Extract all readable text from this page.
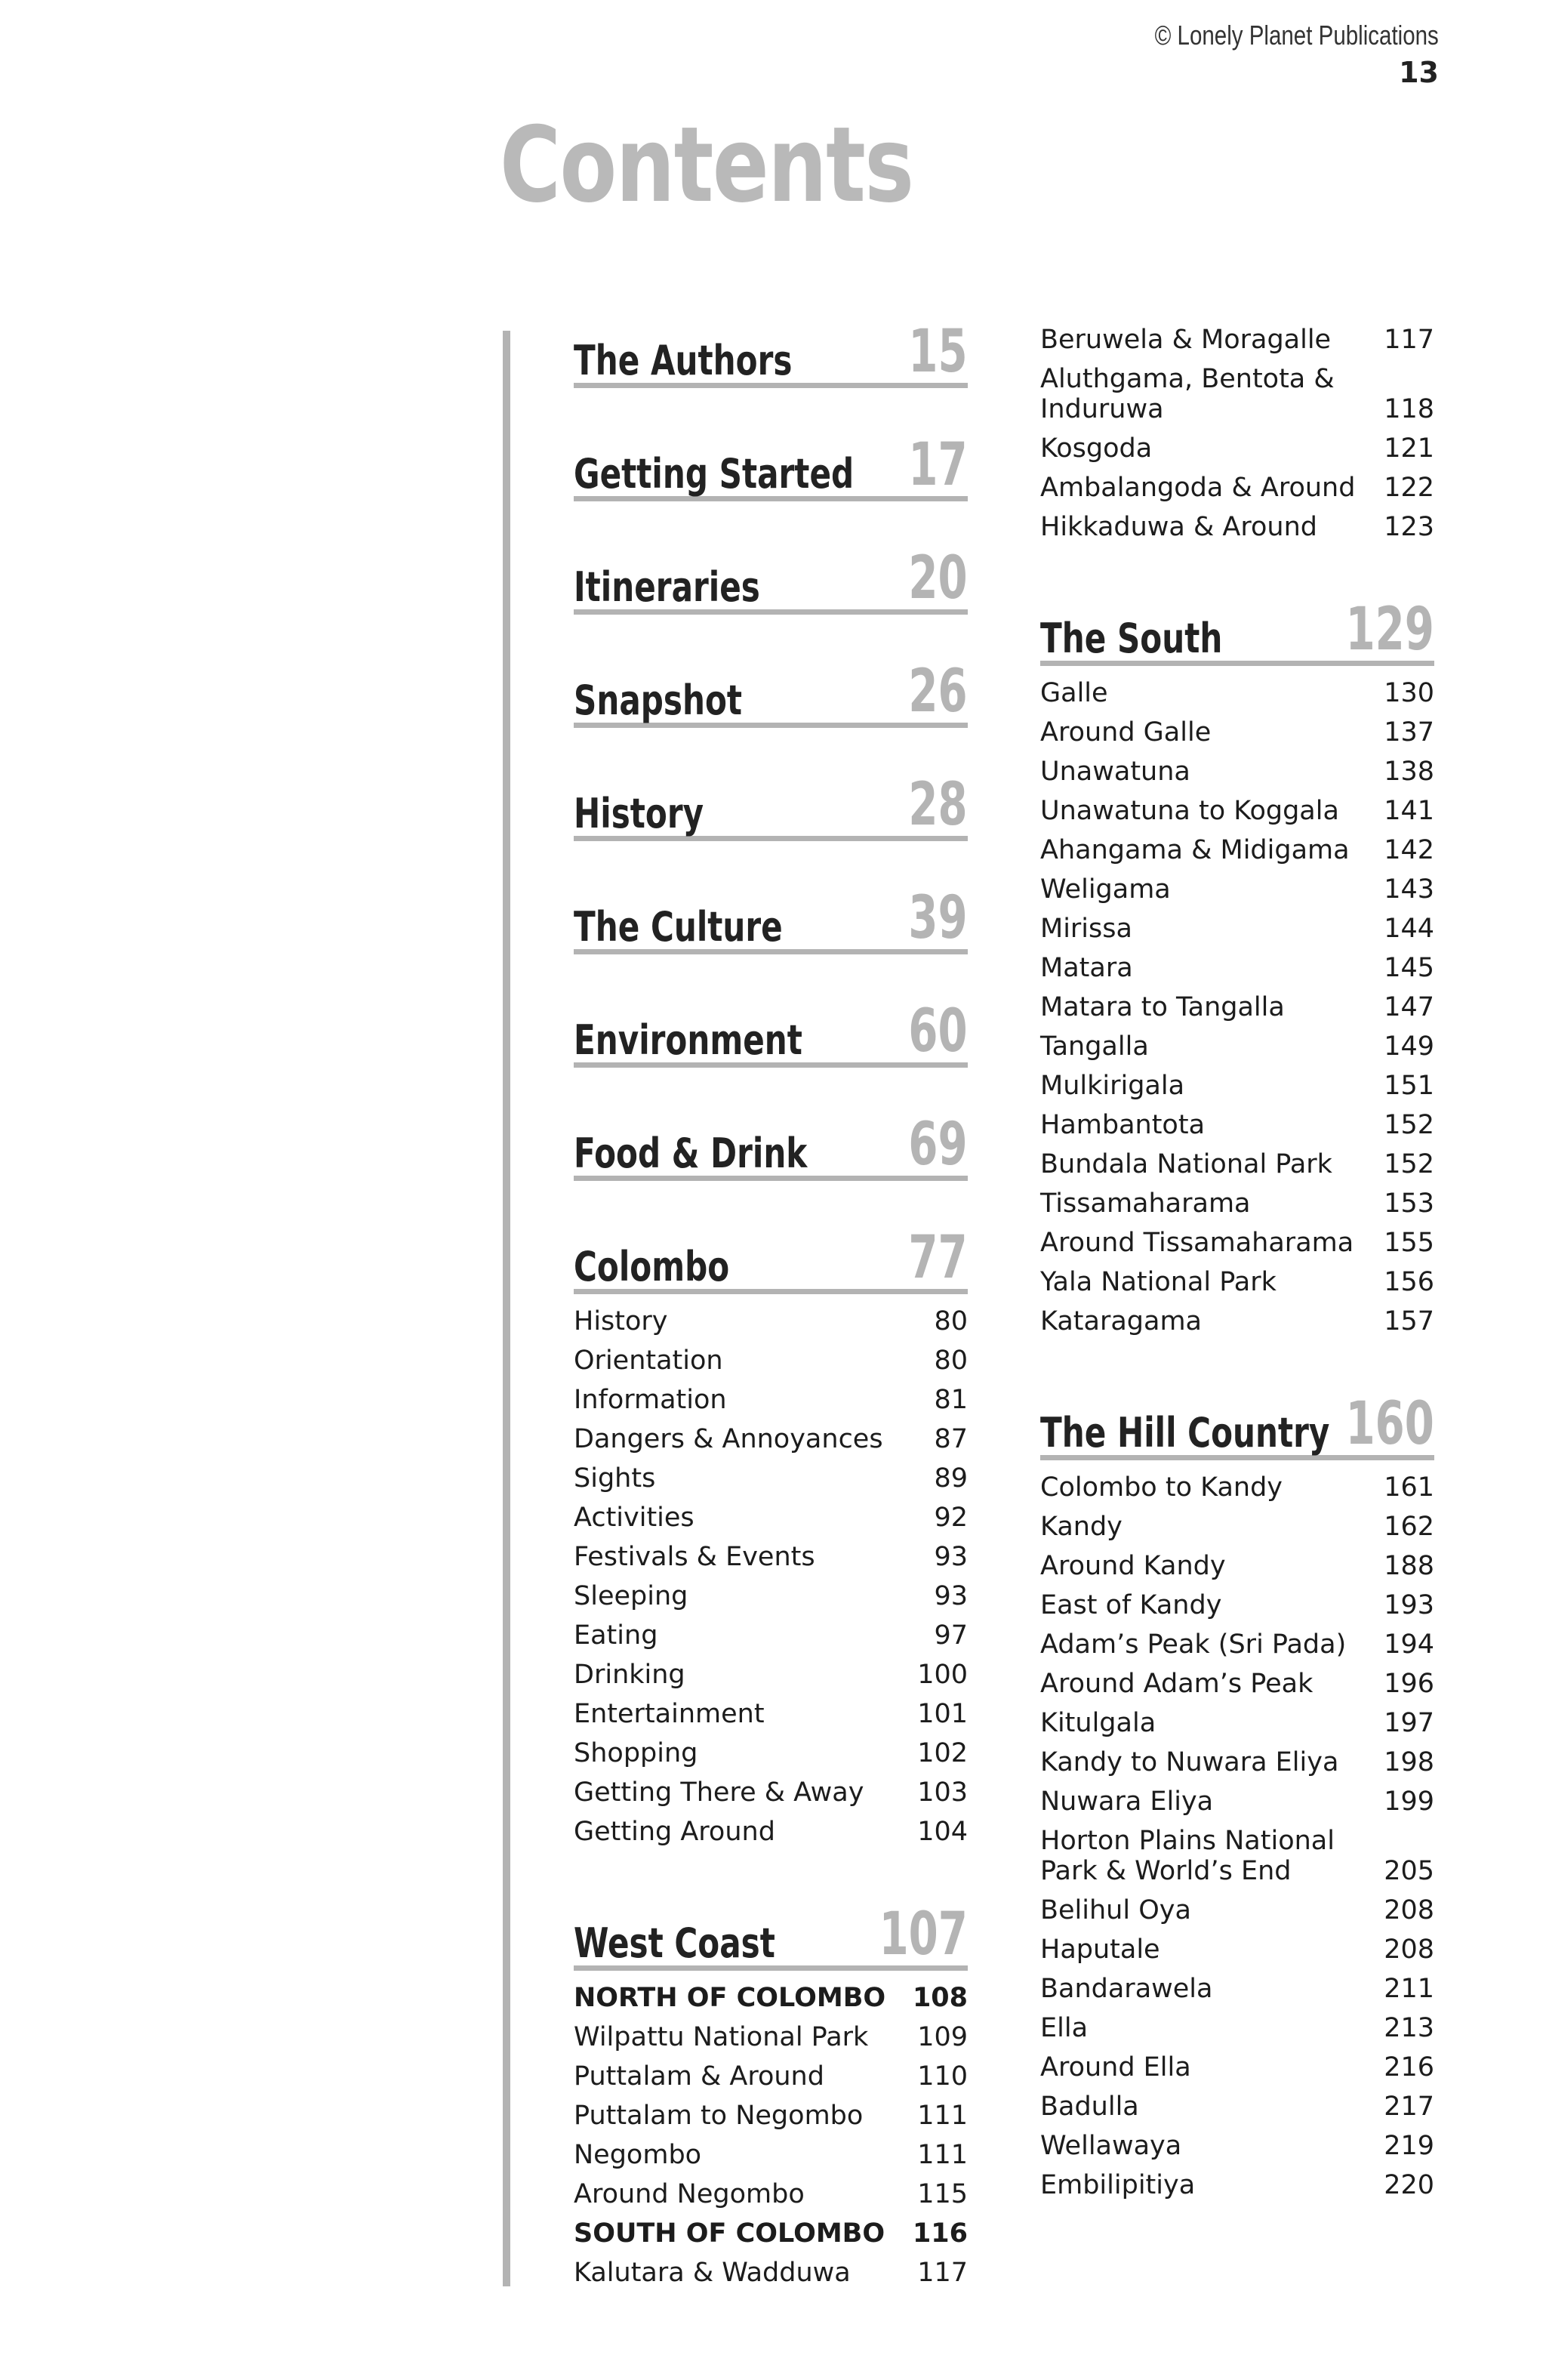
© Lonely Planet Publications
13
Contents
The Authors 15
Getting Started 17
Itineraries	20
Snapshot	26
History	28
The Culture 39
Environment 60
Food & Drink 69
Colombo	77
History	80
Orientation	80
Information	81
Dangers & Annoyances 87
Sights	89
Activities	92
Festivals & Events	93
Sleeping	93
Eating	97
Drinking	100
Entertainment	101
Shopping	102
Getting There & Away 103
Getting Around	104
West Coast 107
NORTH OF COLOMBO 108
Wilpattu National Park 109
Puttalam & Around	110
Puttalam to Negombo 111
Negombo	111
Around Negombo	115
SOUTH OF COLOMBO 116
Kalutara & Wadduwa	117
Beruwela & Moragalle 117
Aluthgama, Bentota & Induruwa	118
Kosgoda	121
Ambalangoda & Around 122
Hikkaduwa & Around	123
The South 129
Galle	130
Around Galle	137
Unawatuna	138
Unawatuna to Koggala 141
Ahangama & Midigama 142
Weligama	143
Mirissa	144
Matara	145
Matara to Tangalla	147
Tangalla	149
Mulkirigala	151
Hambantota	152
Bundala National Park 152
Tissamaharama	153
Around Tissamaharama 155
Yala National Park	156
Kataragama	157
The Hill Country 160
Colombo to Kandy	161
Kandy	162
Around Kandy	188
East of Kandy	193
Adam’s Peak (Sri Pada) 194
Around Adam’s Peak	196
Kitulgala	197
Kandy to Nuwara Eliya 198
Nuwara Eliya	199
Horton Plains National Park & World’s End	205
Belihul Oya	208
Haputale	208
Bandarawela	211
Ella	213
Around Ella	216
Badulla	217
Wellawaya	219
Embilipitiya	220
